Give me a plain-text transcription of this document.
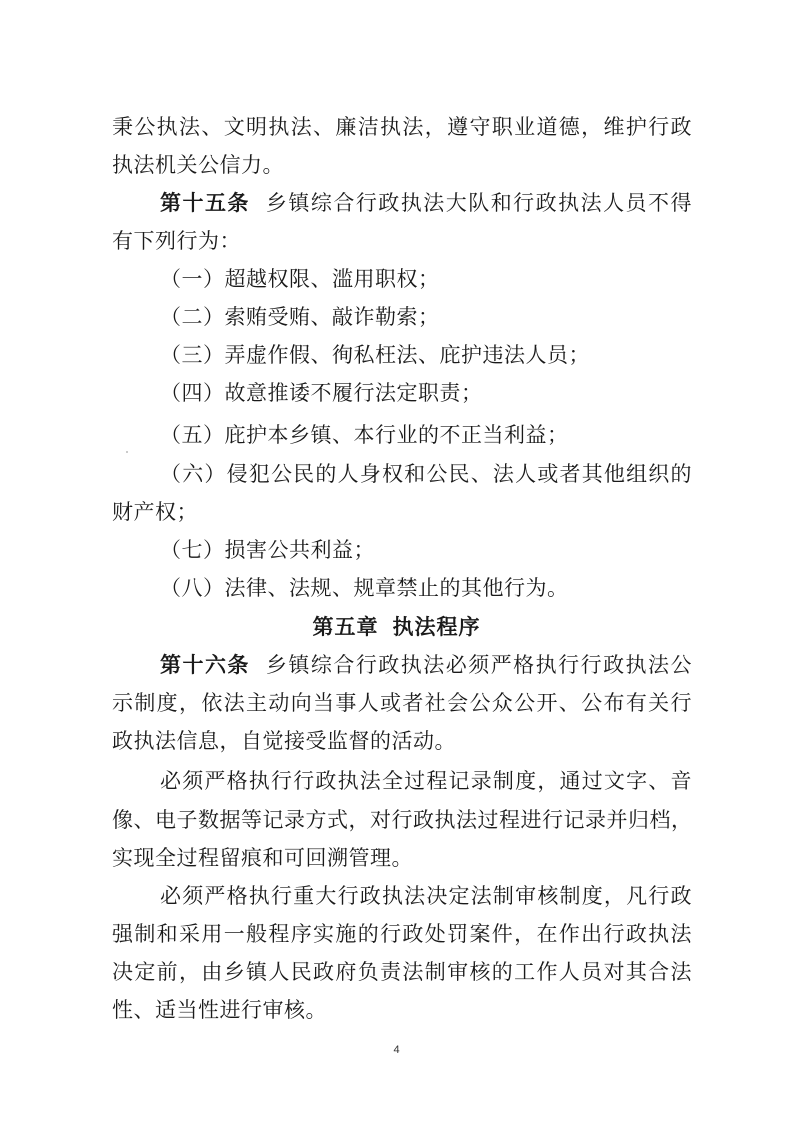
秉公执法、文明执法、廉洁执法，遵守职业道德，维护行政
执法机关公信力。
第十五条 乡镇综合行政执法大队和行政执法人员不得
有下列行为：
（一）超越权限、滥用职权；
（二）索贿受贿、敲诈勒索；
（三）弄虚作假、徇私枉法、庇护违法人员；
（四）故意推诿不履行法定职责；
（五）庇护本乡镇、本行业的不正当利益；
（六）侵犯公民的人身权和公民、法人或者其他组织的
财产权；
（七）损害公共利益；
（八）法律、法规、规章禁止的其他行为。
第五章 执法程序
第十六条 乡镇综合行政执法必须严格执行行政执法公
示制度，依法主动向当事人或者社会公众公开、公布有关行
政执法信息，自觉接受监督的活动。
必须严格执行行政执法全过程记录制度，通过文字、音
像、电子数据等记录方式，对行政执法过程进行记录并归档，
实现全过程留痕和可回溯管理。
必须严格执行重大行政执法决定法制审核制度，凡行政
强制和采用一般程序实施的行政处罚案件，在作出行政执法
决定前，由乡镇人民政府负责法制审核的工作人员对其合法
性、适当性进行审核。
4
